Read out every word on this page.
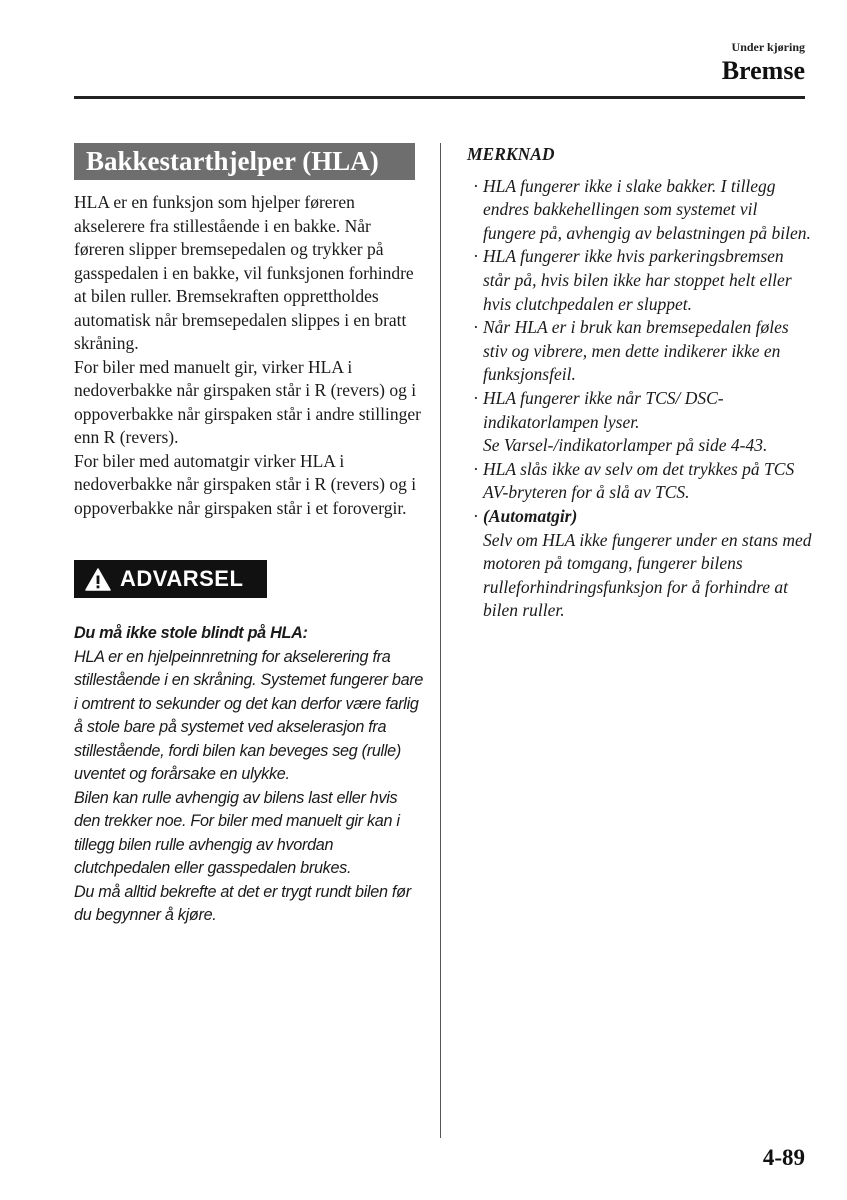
Under kjøring
Bremse
Bakkestarthjelper (HLA)

HLA er en funksjon som hjelper føreren akselerere fra stillestående i en bakke. Når føreren slipper bremsepedalen og trykker på gasspedalen i en bakke, vil funksjonen forhindre at bilen ruller. Bremsekraften opprettholdes automatisk når bremsepedalen slippes i en bratt skråning.

For biler med manuelt gir, virker HLA i nedoverbakke når girspaken står i R (revers) og i oppoverbakke når girspaken står i andre stillinger enn R (revers).

For biler med automatgir virker HLA i nedoverbakke når girspaken står i R (revers) og i oppoverbakke når girspaken står i et forovergir.

ADVARSEL

Du må ikke stole blindt på HLA:

HLA er en hjelpeinnretning for akselerering fra stillestående i en skråning. Systemet fungerer bare i omtrent to sekunder og det kan derfor være farlig å stole bare på systemet ved akselerasjon fra stillestående, fordi bilen kan beveges seg (rulle) uventet og forårsake en ulykke.

Bilen kan rulle avhengig av bilens last eller hvis den trekker noe. For biler med manuelt gir kan i tillegg bilen rulle avhengig av hvordan clutchpedalen eller gasspedalen brukes.

Du må alltid bekrefte at det er trygt rundt bilen før du begynner å kjøre.

MERKNAD

· HLA fungerer ikke i slake bakker. I tillegg endres bakkehellingen som systemet vil fungere på, avhengig av belastningen på bilen.
· HLA fungerer ikke hvis parkeringsbremsen står på, hvis bilen ikke har stoppet helt eller hvis clutchpedalen er sluppet.
· Når HLA er i bruk kan bremsepedalen føles stiv og vibrere, men dette indikerer ikke en funksjonsfeil.
· HLA fungerer ikke når TCS/ DSC-indikatorlampen lyser.
Se Varsel-/indikatorlamper på side 4-43.
· HLA slås ikke av selv om det trykkes på TCS AV-bryteren for å slå av TCS.
· (Automatgir)
Selv om HLA ikke fungerer under en stans med motoren på tomgang, fungerer bilens rulleforhindringsfunksjon for å forhindre at bilen ruller.
4-89
